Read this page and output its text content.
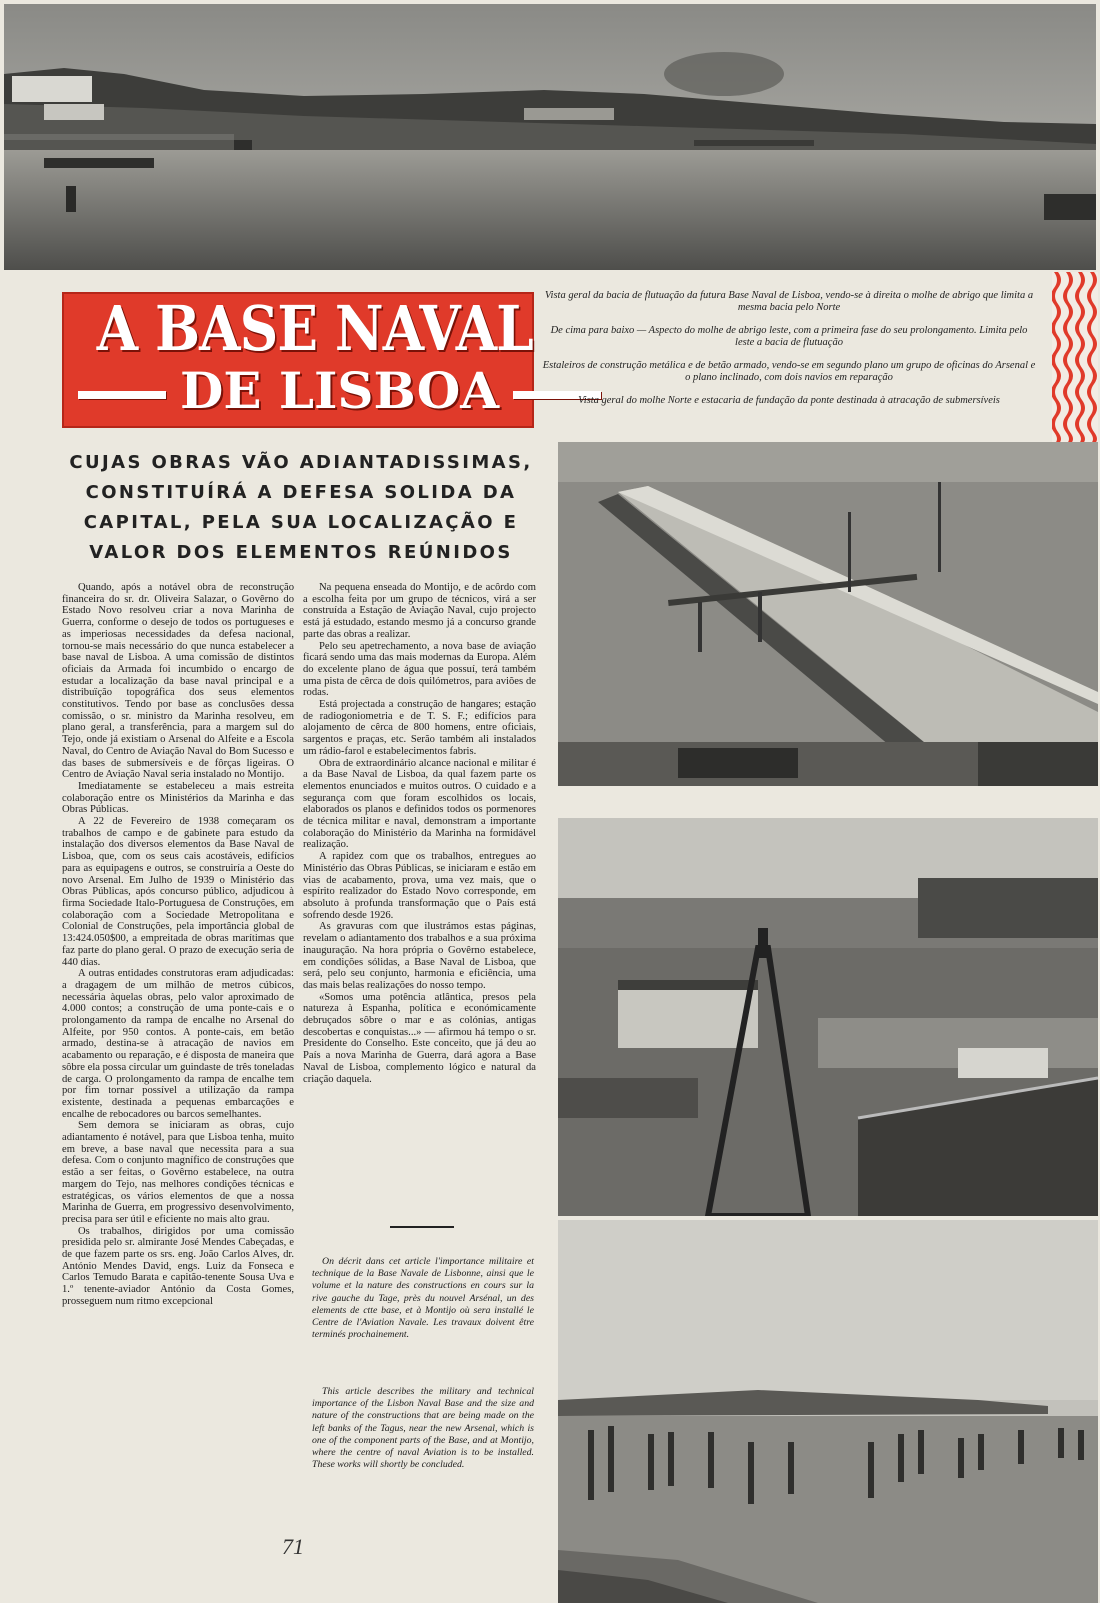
A BASE NAVAL
DE LISBOA

Vista geral da bacia de flutuação da futura Base Naval de Lisboa, vendo-se à direita o molhe de abrigo que limita a mesma bacia pelo Norte

De cima para baixo — Aspecto do molhe de abrigo leste, com a primeira fase do seu prolongamento. Limita pelo leste a bacia de flutuação

Estaleiros de construção metálica e de betão armado, vendo-se em segundo plano um grupo de oficinas do Arsenal e o plano inclinado, com dois navios em reparação

Vista geral do molhe Norte e estacaria de fundação da ponte destinada à atracação de submersíveis

CUJAS OBRAS VÃO ADIANTADISSIMAS, CONSTITUÍRÁ A DEFESA SOLIDA DA CAPITAL, PELA SUA LOCALIZAÇÃO E VALOR DOS ELEMENTOS REÚNIDOS

Quando, após a notável obra de reconstrução financeira do sr. dr. Oliveira Salazar, o Govêrno do Estado Novo resolveu criar a nova Marinha de Guerra, conforme o desejo de todos os portugueses e as imperiosas necessidades da defesa nacional, tornou-se mais necessário do que nunca estabelecer a base naval de Lisboa. A uma comissão de distintos oficiais da Armada foi incumbido o encargo de estudar a localização da base naval principal e a distribuïção topográfica dos seus elementos constitutivos. Tendo por base as conclusões dessa comissão, o sr. ministro da Marinha resolveu, em plano geral, a transferência, para a margem sul do Tejo, onde já existiam o Arsenal do Alfeite e a Escola Naval, do Centro de Aviação Naval do Bom Sucesso e das bases de submersíveis e de fôrças ligeiras. O Centro de Aviação Naval seria instalado no Montijo.

Imediatamente se estabeleceu a mais estreita colaboração entre os Ministérios da Marinha e das Obras Públicas.

A 22 de Fevereiro de 1938 começaram os trabalhos de campo e de gabinete para estudo da instalação dos diversos elementos da Base Naval de Lisboa, que, com os seus cais acostáveis, edifícios para as equipagens e outros, se construiría a Oeste do novo Arsenal. Em Julho de 1939 o Ministério das Obras Públicas, após concurso público, adjudicou à firma Sociedade Italo-Portuguesa de Construções, em colaboração com a Sociedade Metropolitana e Colonial de Construções, pela importância global de 13:424.050$00, a empreitada de obras marítimas que faz parte do plano geral. O prazo de execução seria de 440 dias.

A outras entidades construtoras eram adjudicadas: a dragagem de um milhão de metros cúbicos, necessária àquelas obras, pelo valor aproximado de 4.000 contos; a construção de uma ponte-cais e o prolongamento da rampa de encalhe no Arsenal do Alfeite, por 950 contos. A ponte-cais, em betão armado, destina-se à atracação de navios em acabamento ou reparação, e é disposta de maneira que sôbre ela possa circular um guindaste de três toneladas de carga. O prolongamento da rampa de encalhe tem por fim tornar possível a utilização da rampa existente, destinada a pequenas embarcações e encalhe de rebocadores ou barcos semelhantes.

Sem demora se iniciaram as obras, cujo adiantamento é notável, para que Lisboa tenha, muito em breve, a base naval que necessita para a sua defesa. Com o conjunto magnífico de construções que estão a ser feitas, o Govêrno estabelece, na outra margem do Tejo, nas melhores condições técnicas e estratégicas, os vários elementos de que a nossa Marinha de Guerra, em progressivo desenvolvimento, precisa para ser útil e eficiente no mais alto grau.

Os trabalhos, dirigidos por uma comissão presidida pelo sr. almirante José Mendes Cabeçadas, e de que fazem parte os srs. eng. João Carlos Alves, dr. António Mendes David, engs. Luiz da Fonseca e Carlos Temudo Barata e capitão-tenente Sousa Uva e 1.º tenente-aviador António da Costa Gomes, prosseguem num ritmo excepcional

Na pequena enseada do Montijo, e de acôrdo com a escolha feita por um grupo de técnicos, virá a ser construída a Estação de Aviação Naval, cujo projecto está já estudado, estando mesmo já a concurso grande parte das obras a realizar.

Pelo seu apetrechamento, a nova base de aviação ficará sendo uma das mais modernas da Europa. Além do excelente plano de água que possuí, terá também uma pista de cêrca de dois quilómetros, para aviões de rodas.

Está projectada a construção de hangares; estação de radiogoniometria e de T. S. F.; edifícios para alojamento de cêrca de 800 homens, entre oficiais, sargentos e praças, etc. Serão também ali instalados um rádio-farol e estabelecimentos fabris.

Obra de extraordinário alcance nacional e militar é a da Base Naval de Lisboa, da qual fazem parte os elementos enunciados e muitos outros. O cuidado e a segurança com que foram escolhidos os locais, elaborados os planos e definidos todos os pormenores de técnica militar e naval, demonstram a importante colaboração do Ministério da Marinha na formidável realização.

A rapidez com que os trabalhos, entregues ao Ministério das Obras Públicas, se iniciaram e estão em vias de acabamento, prova, uma vez mais, que o espírito realizador do Estado Novo corresponde, em absoluto à profunda transformação que o País está sofrendo desde 1926.

As gravuras com que ilustrámos estas páginas, revelam o adiantamento dos trabalhos e a sua próxima inauguração. Na hora própria o Govêrno estabelece, em condições sólidas, a Base Naval de Lisboa, que será, pelo seu conjunto, harmonia e eficiência, uma das mais belas realizações do nosso tempo.

«Somos uma potência atlântica, presos pela natureza à Espanha, política e económicamente debruçados sôbre o mar e as colónias, antigas descobertas e conquistas...» — afirmou há tempo o sr. Presidente do Conselho. Este conceito, que já deu ao País a nova Marinha de Guerra, dará agora a Base Naval de Lisboa, complemento lógico e natural da criação daquela.

On décrit dans cet article l'importance militaire et technique de la Base Navale de Lisbonne, ainsi que le volume et la nature des constructions en cours sur la rive gauche du Tage, près du nouvel Arsénal, un des elements de ctte base, et à Montijo où sera installé le Centre de l'Aviation Navale. Les travaux doivent être terminés prochainement.

This article describes the military and technical importance of the Lisbon Naval Base and the size and nature of the constructions that are being made on the left banks of the Tagus, near the new Arsenal, which is one of the component parts of the Base, and at Montijo, where the centre of naval Aviation is to be installed. These works will shortly be concluded.

71
